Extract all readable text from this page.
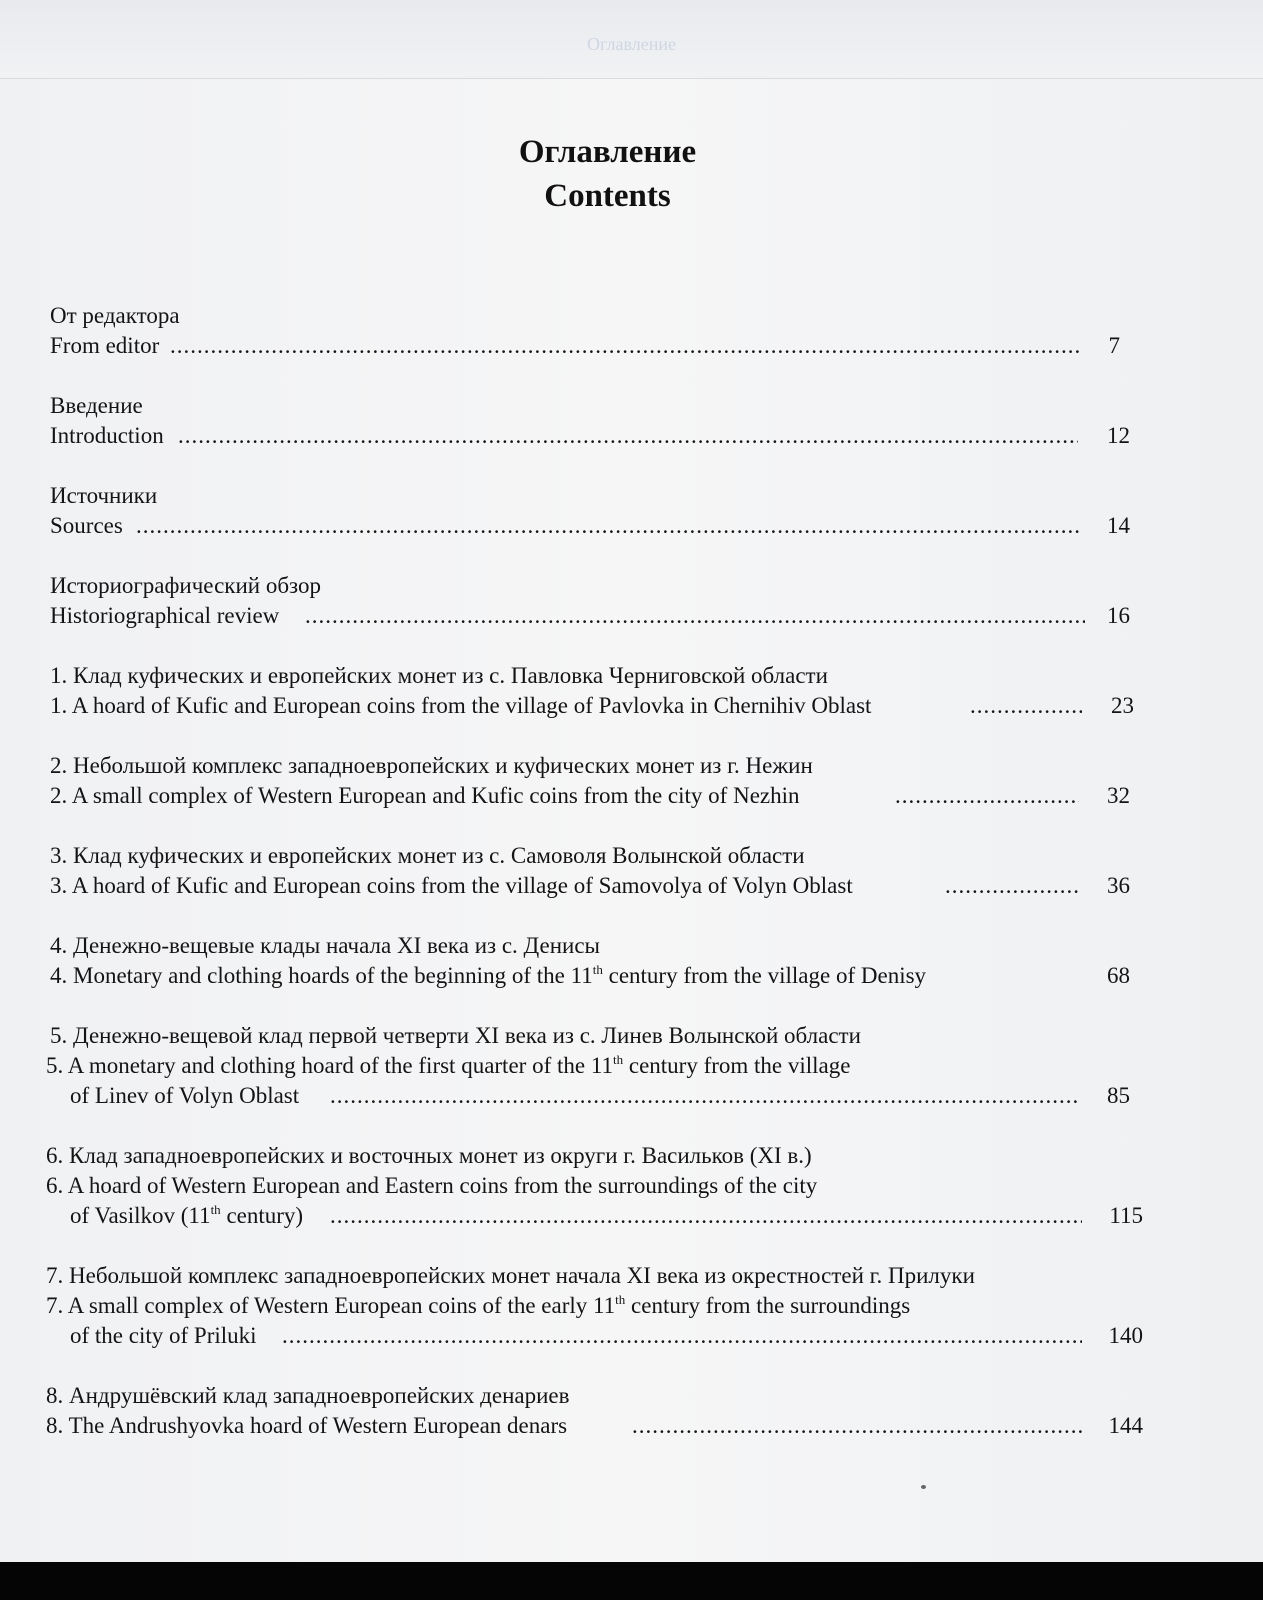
Оглавление
Оглавление
Contents
От редактора
From editor .....	7
Введение
Introduction .....	12
Источники
Sources .....	14
Историографический обзор
Historiographical review .....	16
1. Клад куфических и европейских монет из с. Павловка Черниговской области
1. A hoard of Kufic and European coins from the village of Pavlovka in Chernihiv Oblast .....	23
2. Небольшой комплекс западноевропейских и куфических монет из г. Нежин
2. A small complex of Western European and Kufic coins from the city of Nezhin .....	32
3. Клад куфических и европейских монет из с. Самоволя Волынской области
3. A hoard of Kufic and European coins from the village of Samovolya of Volyn Oblast .....	36
4. Денежно-вещевые клады начала XI века из с. Денисы
4. Monetary and clothing hoards of the beginning of the 11th century from the village of Denisy	68
5. Денежно-вещевой клад первой четверти XI века из с. Линев Волынской области
5. A monetary and clothing hoard of the first quarter of the 11th century from the village
of Linev of Volyn Oblast .....	85
6. Клад западноевропейских и восточных монет из округи г. Васильков (XI в.)
6. A hoard of Western European and Eastern coins from the surroundings of the city
of Vasilkov (11th century) .....	115
7. Небольшой комплекс западноевропейских монет начала XI века из окрестностей г. Прилуки
7. A small complex of Western European coins of the early 11th century from the surroundings
of the city of Priluki .....	140
8. Андрушёвский клад западноевропейских денариев
8. The Andrushyovka hoard of Western European denars .....	144
